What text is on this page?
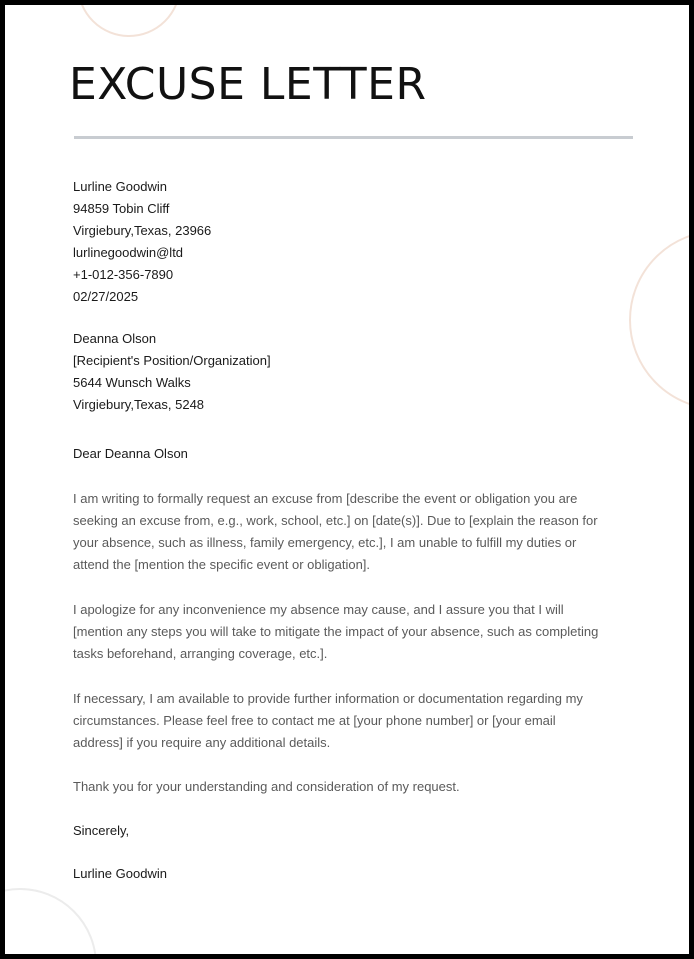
EXCUSE LETTER
Lurline Goodwin
94859 Tobin Cliff
Virgiebury,Texas, 23966
lurlinegoodwin@ltd
+1-012-356-7890
02/27/2025
Deanna Olson
[Recipient's Position/Organization]
5644 Wunsch Walks
Virgiebury,Texas, 5248
Dear Deanna Olson

I am writing to formally request an excuse from [describe the event or obligation you are

seeking an excuse from, e.g., work, school, etc.] on [date(s)]. Due to [explain the reason for

your absence, such as illness, family emergency, etc.], I am unable to fulfill my duties or

attend the [mention the specific event or obligation].

I apologize for any inconvenience my absence may cause, and I assure you that I will

[mention any steps you will take to mitigate the impact of your absence, such as completing

tasks beforehand, arranging coverage, etc.].

If necessary, I am available to provide further information or documentation regarding my

circumstances. Please feel free to contact me at [your phone number] or [your email

address] if you require any additional details.

Thank you for your understanding and consideration of my request.

Sincerely,
Lurline Goodwin
